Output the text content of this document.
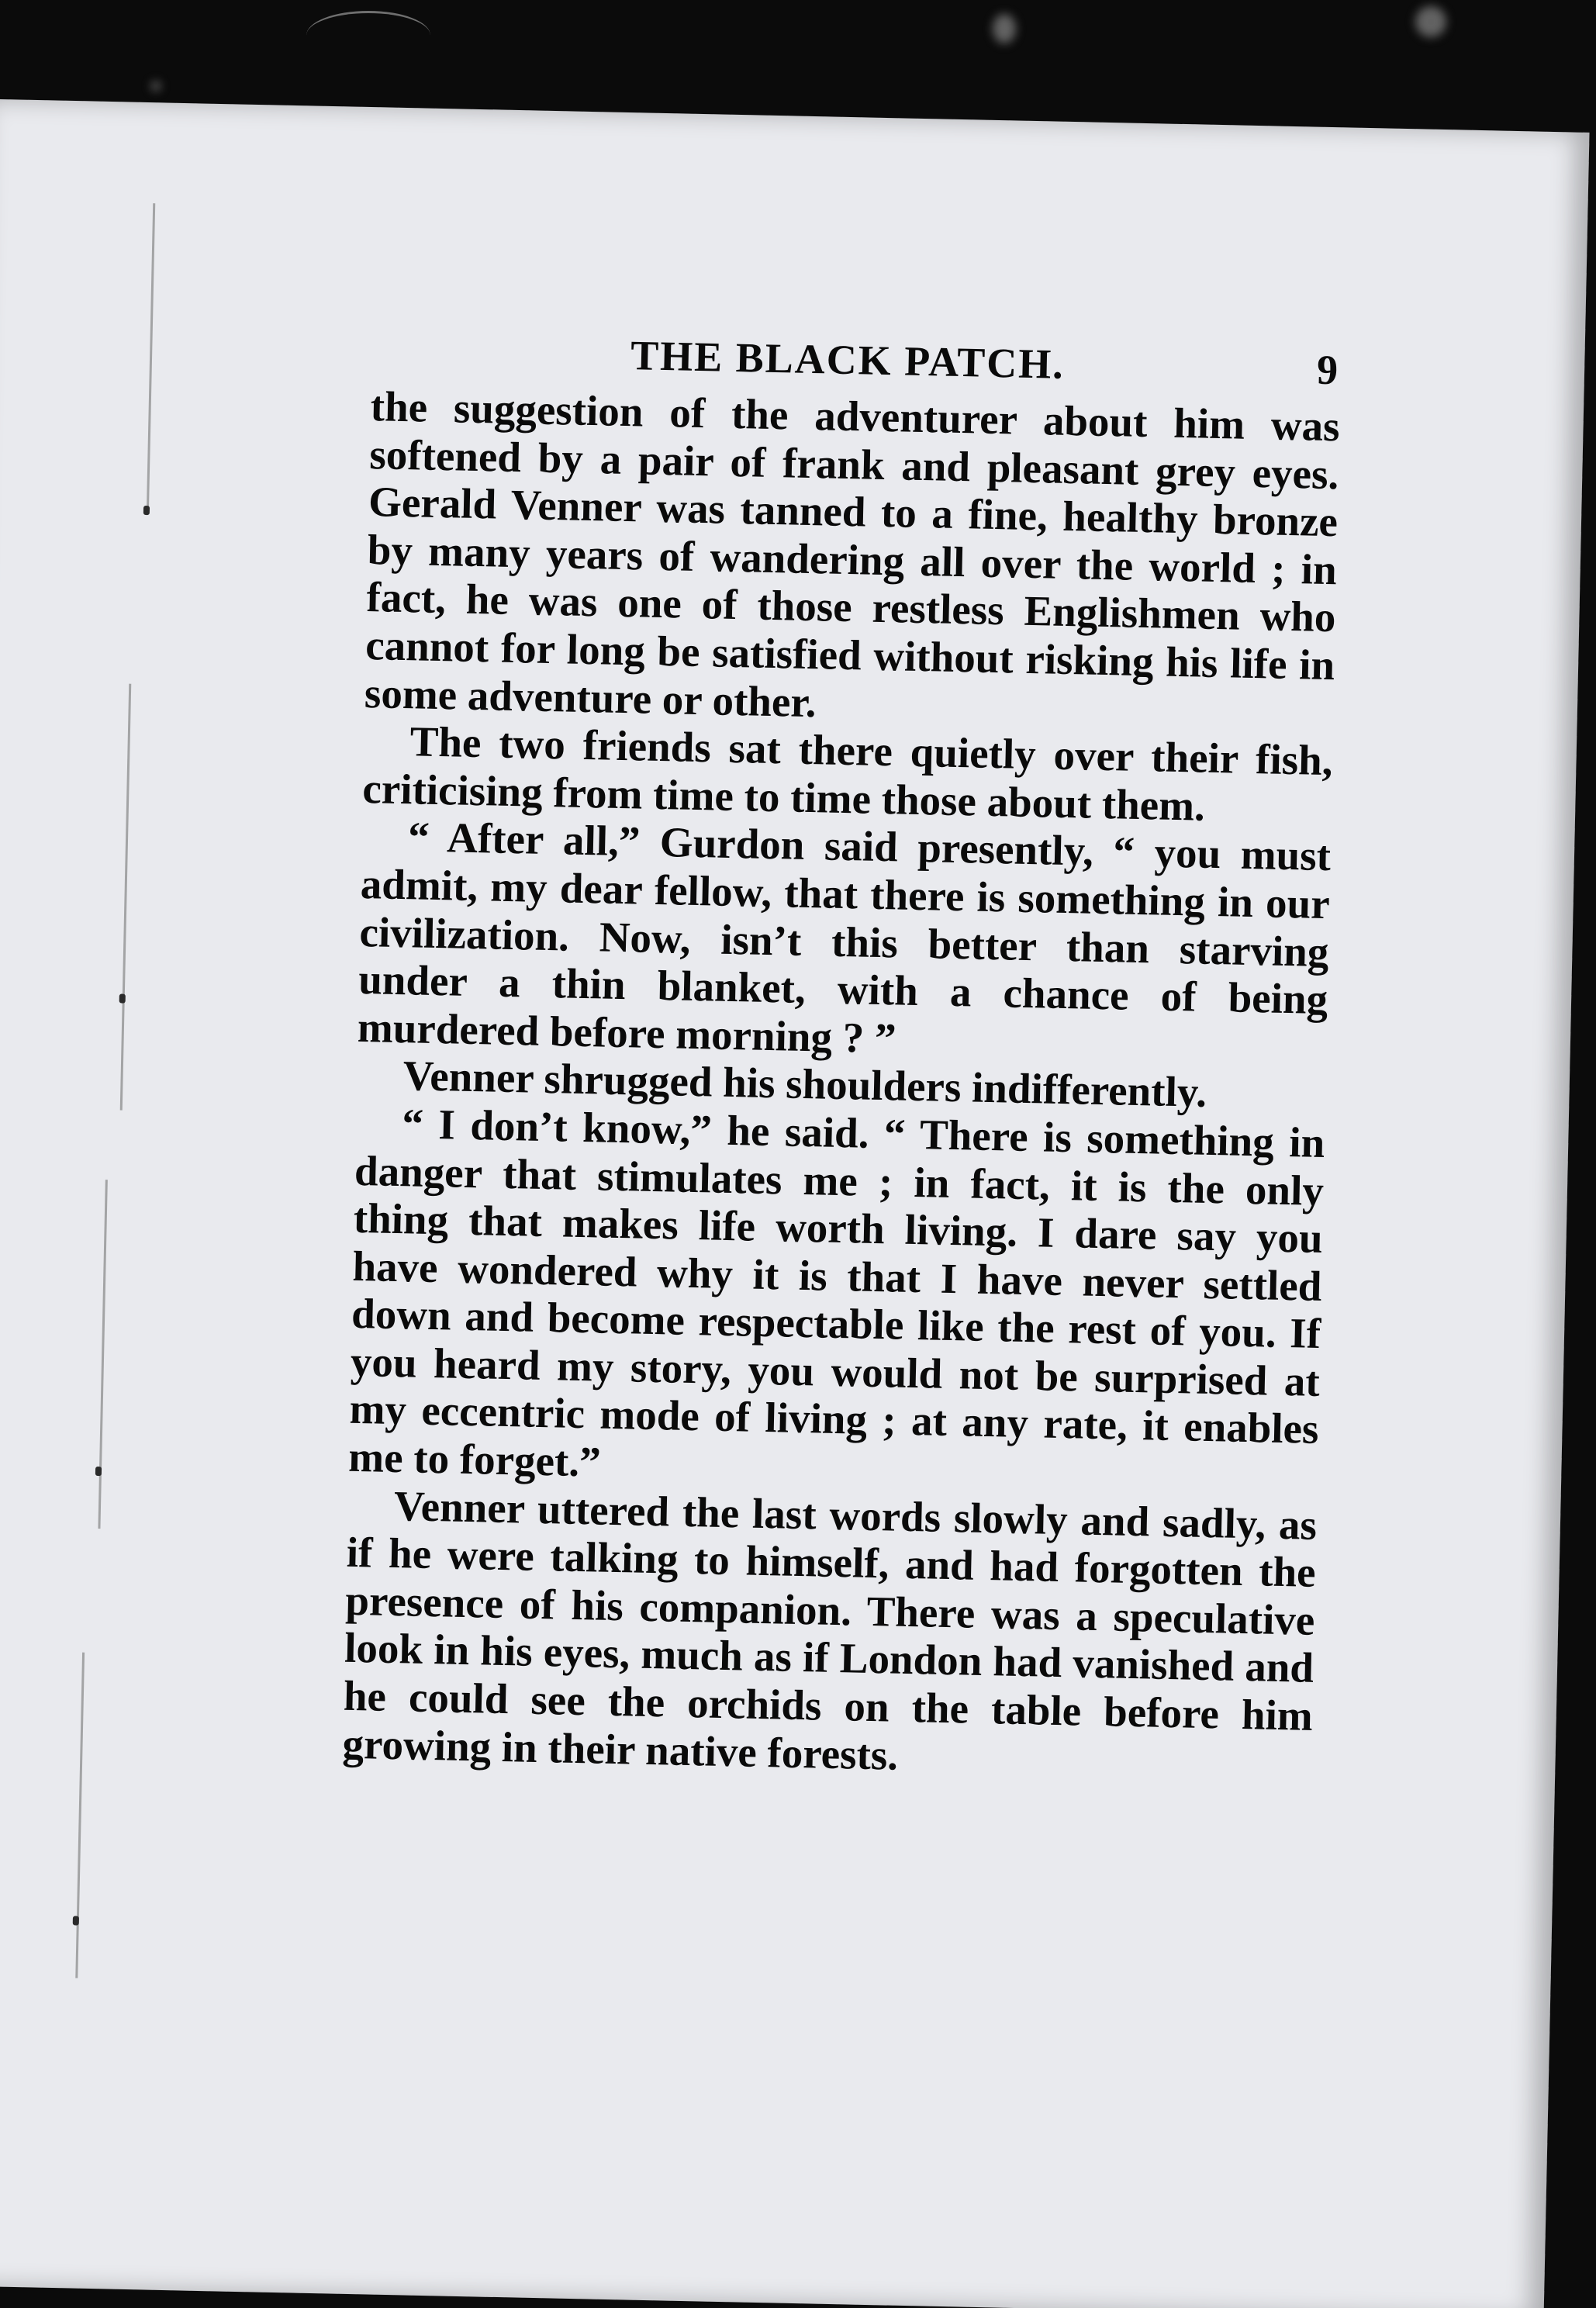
THE BLACK PATCH.	9

the suggestion of the adventurer about him was softened by a pair of frank and pleasant grey eyes. Gerald Venner was tanned to a fine, healthy bronze by many years of wandering all over the world ; in fact, he was one of those restless Englishmen who cannot for long be satisfied without risking his life in some adventure or other.

The two friends sat there quietly over their fish, criticising from time to time those about them.

“ After all,” Gurdon said presently, “ you must admit, my dear fellow, that there is something in our civilization. Now, isn’t this better than starving under a thin blanket, with a chance of being murdered before morning ? ”

Venner shrugged his shoulders indifferently.

“ I don’t know,” he said. “ There is something in danger that stimulates me ; in fact, it is the only thing that makes life worth living. I dare say you have wondered why it is that I have never settled down and become respectable like the rest of you. If you heard my story, you would not be surprised at my eccentric mode of living ; at any rate, it enables me to forget.”

Venner uttered the last words slowly and sadly, as if he were talking to himself, and had forgotten the presence of his companion. There was a speculative look in his eyes, much as if London had vanished and he could see the orchids on the table before him growing in their native forests.
